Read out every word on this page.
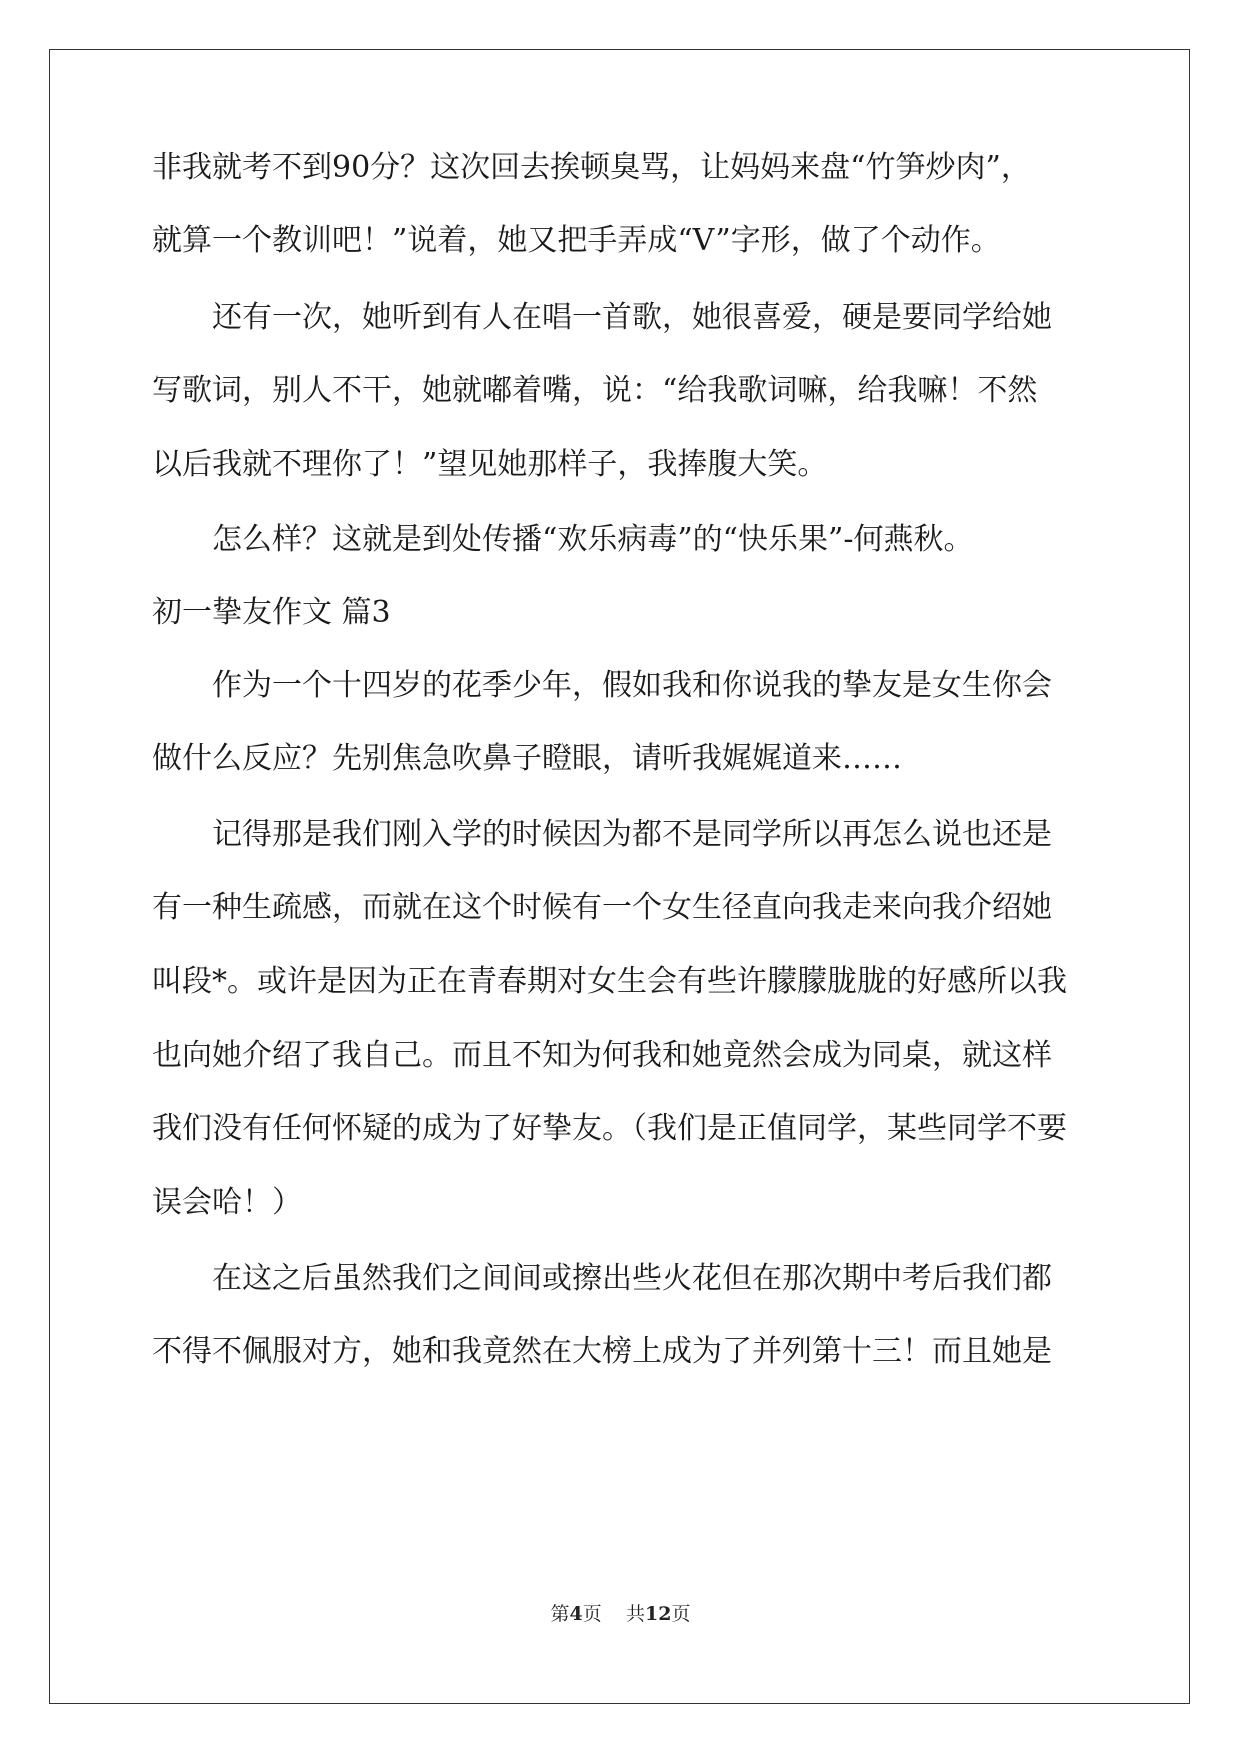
非我就考不到90分？这次回去挨顿臭骂，让妈妈来盘“竹笋炒肉”，
就算一个教训吧！”说着，她又把手弄成“V”字形，做了个动作。
还有一次，她听到有人在唱一首歌，她很喜爱，硬是要同学给她
写歌词，别人不干，她就嘟着嘴，说：“给我歌词嘛，给我嘛！不然
以后我就不理你了！”望见她那样子，我捧腹大笑。
怎么样？这就是到处传播“欢乐病毒”的“快乐果”-何燕秋。
初一挚友作文 篇3
作为一个十四岁的花季少年，假如我和你说我的挚友是女生你会
做什么反应？先别焦急吹鼻子瞪眼，请听我娓娓道来……
记得那是我们刚入学的时候因为都不是同学所以再怎么说也还是
有一种生疏感，而就在这个时候有一个女生径直向我走来向我介绍她
叫段*。或许是因为正在青春期对女生会有些许朦朦胧胧的好感所以我
也向她介绍了我自己。而且不知为何我和她竟然会成为同桌，就这样
我们没有任何怀疑的成为了好挚友。（我们是正值同学，某些同学不要
误会哈！）
在这之后虽然我们之间间或擦出些火花但在那次期中考后我们都
不得不佩服对方，她和我竟然在大榜上成为了并列第十三！而且她是
第4页 共12页
